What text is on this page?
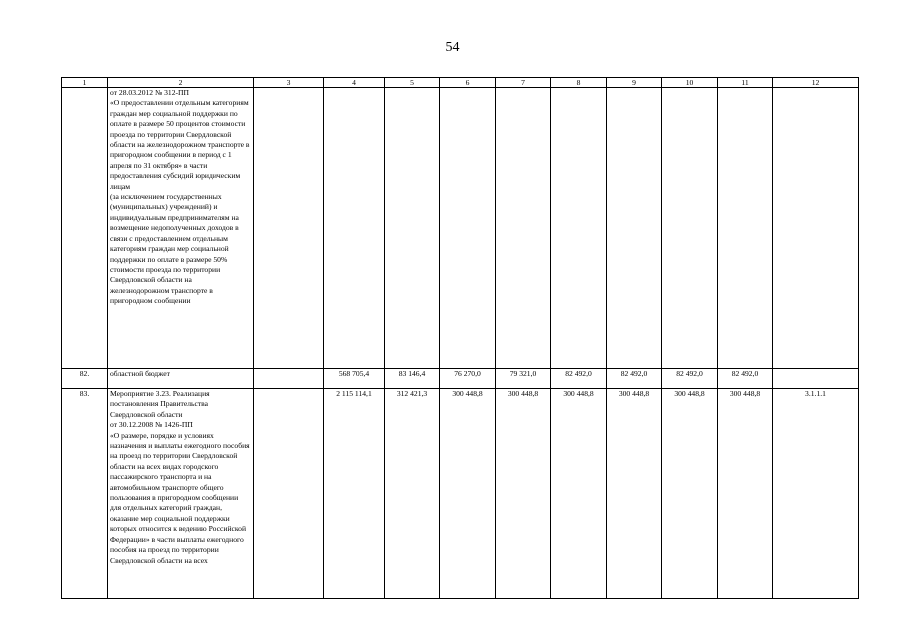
54
1	2	3	4	5	6	7	8	9	10	11	12
	от 28.03.2012 № 312-ПП
«О предоставлении отдельным категориям граждан мер социальной поддержки по оплате в размере 50 процентов стоимости проезда по территории Свердловской области на железнодорожном транспорте в пригородном сообщении в период с 1 апреля по 31 октября» в части предоставления субсидий юридическим лицам
(за исключением государственных (муниципальных) учреждений) и индивидуальным предпринимателям на возмещение недополученных доходов в связи с предоставлением отдельным категориям граждан мер социальной поддержки по оплате в размере 50% стоимости проезда по территории Свердловской области на железнодорожном транспорте в пригородном сообщении										
82.	областной бюджет		568 705,4	83 146,4	76 270,0	79 321,0	82 492,0	82 492,0	82 492,0	82 492,0	
83.	Мероприятие 3.23. Реализация постановления Правительства Свердловской области
от 30.12.2008 № 1426-ПП
«О размере, порядке и условиях назначения и выплаты ежегодного пособия на проезд по территории Свердловской области на всех видах городского пассажирского транспорта и на автомобильном транспорте общего пользования в пригородном сообщении для отдельных категорий граждан, оказание мер социальной поддержки которых относится к ведению Российской Федерации» в части выплаты ежегодного пособия на проезд по территории Свердловской области на всех		2 115 114,1	312 421,3	300 448,8	300 448,8	300 448,8	300 448,8	300 448,8	300 448,8	3.1.1.1
